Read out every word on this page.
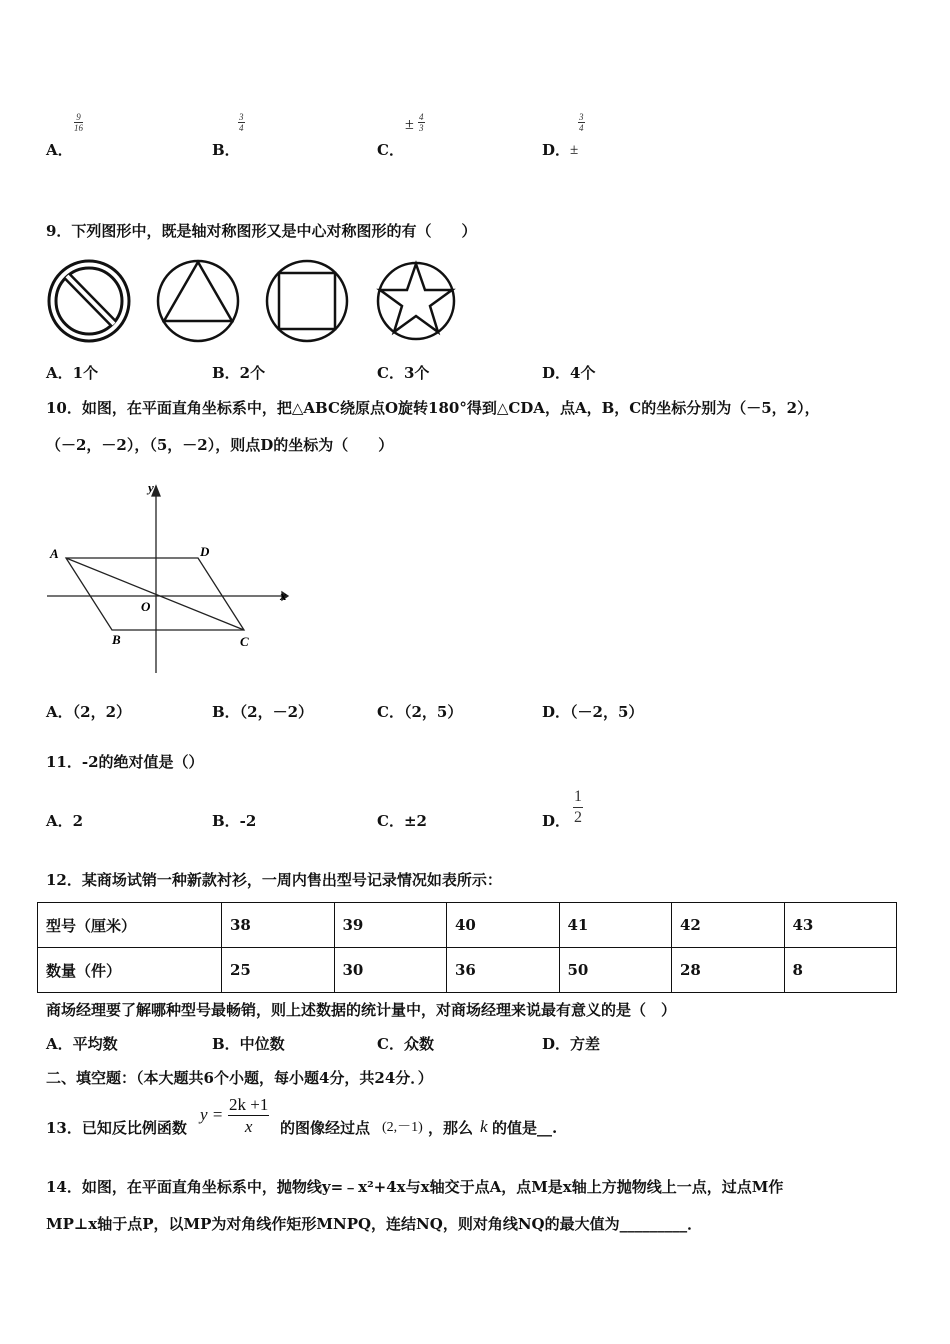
A．
$\frac{9}{16}$
B．
$\frac{3}{4}$
C．
± $\frac{4}{3}$
D． ±
$\frac{3}{4}$
9．下列图形中，既是轴对称图形又是中心对称图形的有（　　）
A．1个	B．2个	C．3个	D．4个
10．如图，在平面直角坐标系中，把△ABC绕原点O旋转180°得到△CDA，点A，B，C的坐标分别为（－5，2），
（－2，－2），（5，－2），则点D的坐标为（　　）
y
x
A	D
O
B	C
A．（2，2）	B．（2，－2）	C．（2，5）	D．（－2，5）
11．-2的绝对值是（）
A．2	B．-2	C．±2	D． $\frac{1}{2}$
12．某商场试销一种新款衬衫，一周内售出型号记录情况如表所示：
型号（厘米）	38	39	40	41	42	43
数量（件）	25	30	36	50	28	8
商场经理要了解哪种型号最畅销，则上述数据的统计量中，对商场经理来说最有意义的是（　）
A．平均数	B．中位数	C．众数	D．方差
二、填空题：（本大题共6个小题，每小题4分，共24分．）
13．已知反比例函数
$y = \frac{2k +1}{x}$ 的图像经过点 (2,－1) ，那么 k 的值是__.
14．如图，在平面直角坐标系中，抛物线y=﹣x²+4x与x轴交于点A，点M是x轴上方抛物线上一点，过点M作
MP⊥x轴于点P，以MP为对角线作矩形MNPQ，连结NQ，则对角线NQ的最大值为_________．
